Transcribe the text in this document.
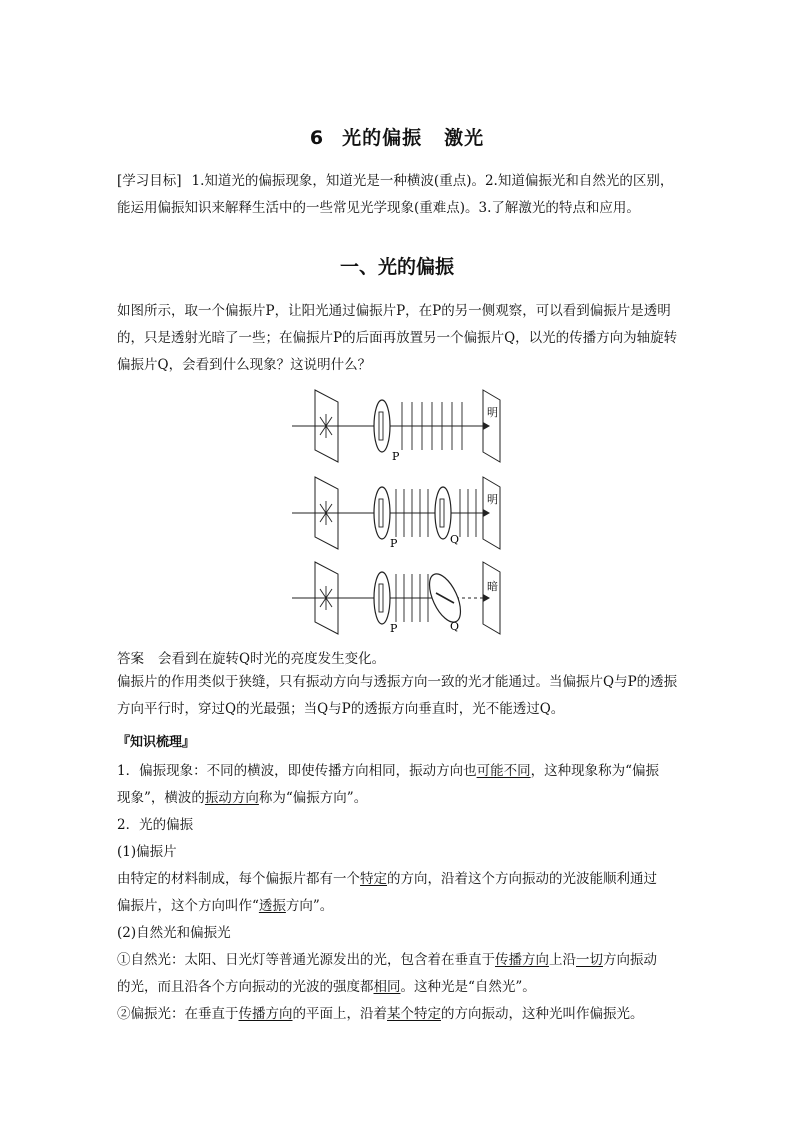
6 光的偏振 激光
[学习目标] 1.知道光的偏振现象，知道光是一种横波(重点)。2.知道偏振光和自然光的区别，能运用偏振知识来解释生活中的一些常见光学现象(重难点)。3.了解激光的特点和应用。
一、光的偏振
如图所示，取一个偏振片P，让阳光通过偏振片P，在P的另一侧观察，可以看到偏振片是透明的，只是透射光暗了一些；在偏振片P的后面再放置另一个偏振片Q，以光的传播方向为轴旋转偏振片Q，会看到什么现象？这说明什么？
P
明
P	Q
明
P	Q
暗
答案 会看到在旋转Q时光的亮度发生变化。
偏振片的作用类似于狭缝，只有振动方向与透振方向一致的光才能通过。当偏振片Q与P的透振方向平行时，穿过Q的光最强；当Q与P的透振方向垂直时，光不能透过Q。
『知识梳理』
1．偏振现象：不同的横波，即使传播方向相同，振动方向也可能不同，这种现象称为“偏振
现象”，横波的振动方向称为“偏振方向”。
2．光的偏振
(1)偏振片
由特定的材料制成，每个偏振片都有一个特定的方向，沿着这个方向振动的光波能顺利通过
偏振片，这个方向叫作“透振方向”。
(2)自然光和偏振光
①自然光：太阳、日光灯等普通光源发出的光，包含着在垂直于传播方向上沿一切方向振动
的光，而且沿各个方向振动的光波的强度都相同。这种光是“自然光”。
②偏振光：在垂直于传播方向的平面上，沿着某个特定的方向振动，这种光叫作偏振光。
